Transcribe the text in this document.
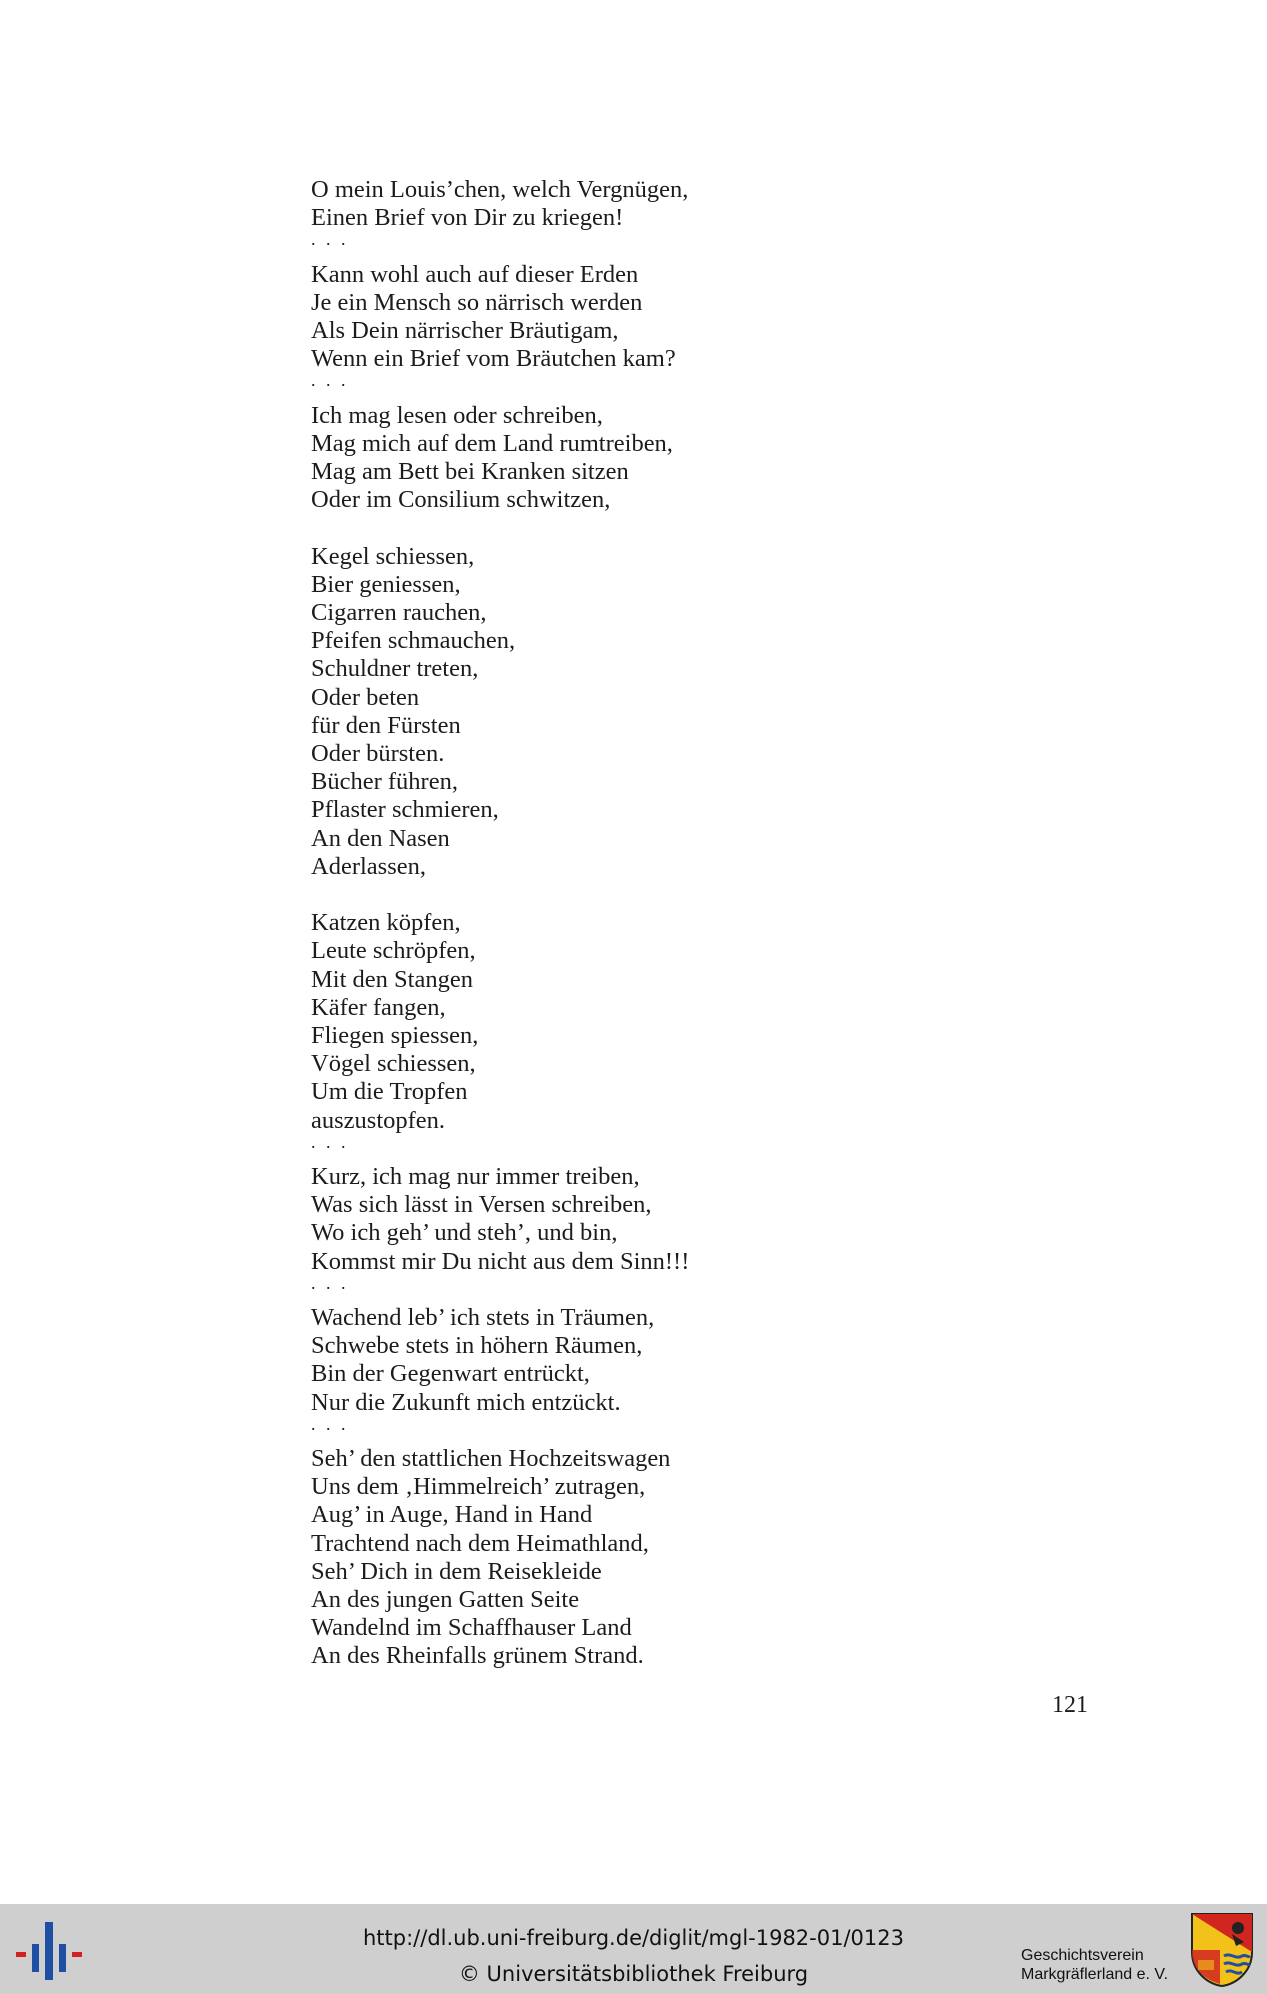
O mein Louis’chen, welch Vergnügen,
Einen Brief von Dir zu kriegen!
. . .
Kann wohl auch auf dieser Erden
Je ein Mensch so närrisch werden
Als Dein närrischer Bräutigam,
Wenn ein Brief vom Bräutchen kam?
. . .
Ich mag lesen oder schreiben,
Mag mich auf dem Land rumtreiben,
Mag am Bett bei Kranken sitzen
Oder im Consilium schwitzen,
Kegel schiessen,
Bier geniessen,
Cigarren rauchen,
Pfeifen schmauchen,
Schuldner treten,
Oder beten
für den Fürsten
Oder bürsten.
Bücher führen,
Pflaster schmieren,
An den Nasen
Aderlassen,
Katzen köpfen,
Leute schröpfen,
Mit den Stangen
Käfer fangen,
Fliegen spiessen,
Vögel schiessen,
Um die Tropfen
auszustopfen.
. . .
Kurz, ich mag nur immer treiben,
Was sich lässt in Versen schreiben,
Wo ich geh’ und steh’, und bin,
Kommst mir Du nicht aus dem Sinn!!!
. . .
Wachend leb’ ich stets in Träumen,
Schwebe stets in höhern Räumen,
Bin der Gegenwart entrückt,
Nur die Zukunft mich entzückt.
. . .
Seh’ den stattlichen Hochzeitswagen
Uns dem ‚Himmelreich’ zutragen,
Aug’ in Auge, Hand in Hand
Trachtend nach dem Heimathland,
Seh’ Dich in dem Reisekleide
An des jungen Gatten Seite
Wandelnd im Schaffhauser Land
An des Rheinfalls grünem Strand.
121
http://dl.ub.uni-freiburg.de/diglit/mgl-1982-01/0123
© Universitätsbibliothek Freiburg
Geschichtsverein
Markgräflerland e. V.
